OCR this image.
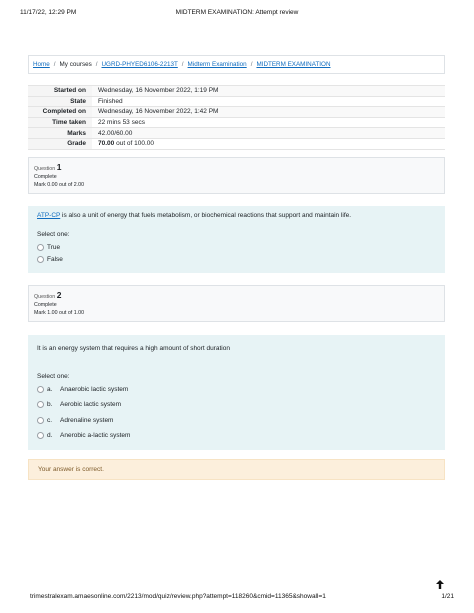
11/17/22, 12:29 PM	MIDTERM EXAMINATION: Attempt review
Home / My courses / UGRD-PHYED6106-2213T / Midterm Examination / MIDTERM EXAMINATION
Started on	Wednesday, 16 November 2022, 1:19 PM
State	Finished
Completed on	Wednesday, 16 November 2022, 1:42 PM
Time taken	22 mins 53 secs
Marks	42.00/60.00
Grade	70.00 out of 100.00
Question 1
Complete
Mark 0.00 out of 2.00
ATP-CP is also a unit of energy that fuels metabolism, or biochemical reactions that support and maintain life.
Select one:
True
False
Question 2
Complete
Mark 1.00 out of 1.00
It is an energy system that requires a high amount of short duration
Select one:
a.	Anaerobic lactic system
b.	Aerobic lactic system
c.	Adrenaline system
d.	Anerobic a-lactic system
Your answer is correct.
trimestralexam.amaesonline.com/2213/mod/quiz/review.php?attempt=118260&cmid=11365&showall=1	1/21
